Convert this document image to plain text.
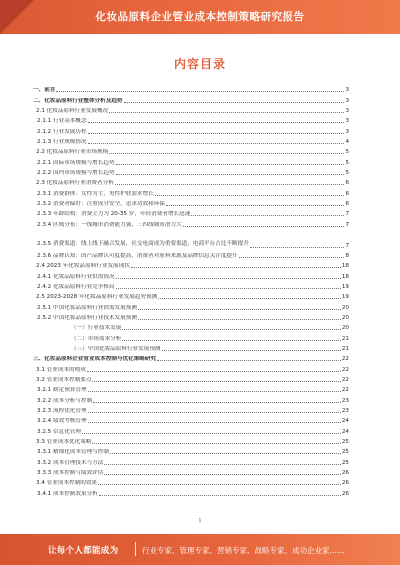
化妆品原料企业管业成本控制策略研究报告
内容目录
一、前言	3
二、化妆品原料行业整体分析及趋势	3
2.1 化妆品原料行业发展概况	3
2.1.1 行业基本概念	3
2.1.2 行业发展历程	3
2.1.3 行业规模情况	4
2.2 化妆品原料行业市场规模	5
2.2.1 国际市场规模与增长趋势	5
2.2.2 国内市场规模与增长趋势	5
2.3 化妆品原料行业消费者分析	6
2.3.1 消费群体：女性为主，男性护肤需求增长	6
2.3.2 消费者偏好：注重成分安全，追求功效和环保	6
2.3.3 年龄结构：消费主力为 20-35 岁，年轻消费者增长迅速	7
2.3.4 区域分布：一线城市消费能力强，三四线城市潜力大	7
2.3.5 消费渠道：线上线下融合发展，社交电商成为重要渠道，电商平台占比不断提升	7
2.3.6 品牌认知：国产品牌认可度提高，消费者对原料来源及品牌信息关注度提升	8
2.4 2023 年化妆品原料行业发展现状	18
2.4.1 化妆品原料行业供需情况	18
2.4.2 化妆品原料行业竞争格局	19
2.5 2023-2028 年化妆品原料行业发展趋势预测	19
2.5.1 中国化妆品原料行业供需发展预测	20
2.5.2 中国化妆品原料行业技术发展预测	20
（一）行业技术发展	20
（二）市场需求分析	21
（三）中国化妆品原料行业发展预测	21
三、化妆品原料企业管业成本控制与优化策略研究	22
3.1 管业成本的构成	22
3.2 管业成本控制要点	22
3.2.1 制定预算管理	22
3.2.2 成本分析与控制	23
3.2.3 流程优化管理	23
3.2.4 绩效考核管理	24
3.2.5 信息化管理	24
3.3 管业成本优化策略	25
3.3.1 精细化成本管理与控制	25
3.3.2 成本管理技术与方法	25
3.3.3 成本控制与绩效评估	26
3.4 管业成本控制的效果	26
3.4.1 成本控制效果分析	26
1
让每个人都能成为	行业专家、管理专家、营销专家、战略专家、成功企业家……
